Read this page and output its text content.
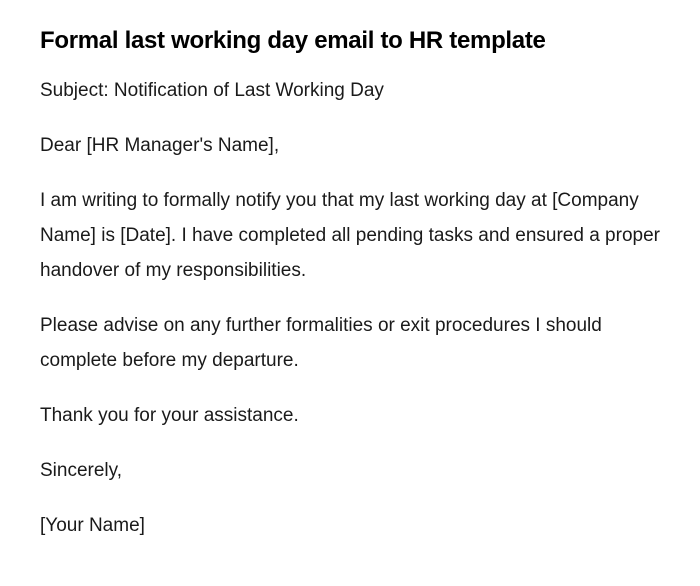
Formal last working day email to HR template

Subject: Notification of Last Working Day

Dear [HR Manager's Name],

I am writing to formally notify you that my last working day at [Company Name] is [Date]. I have completed all pending tasks and ensured a proper handover of my responsibilities.

Please advise on any further formalities or exit procedures I should complete before my departure.

Thank you for your assistance.

Sincerely,

[Your Name]
